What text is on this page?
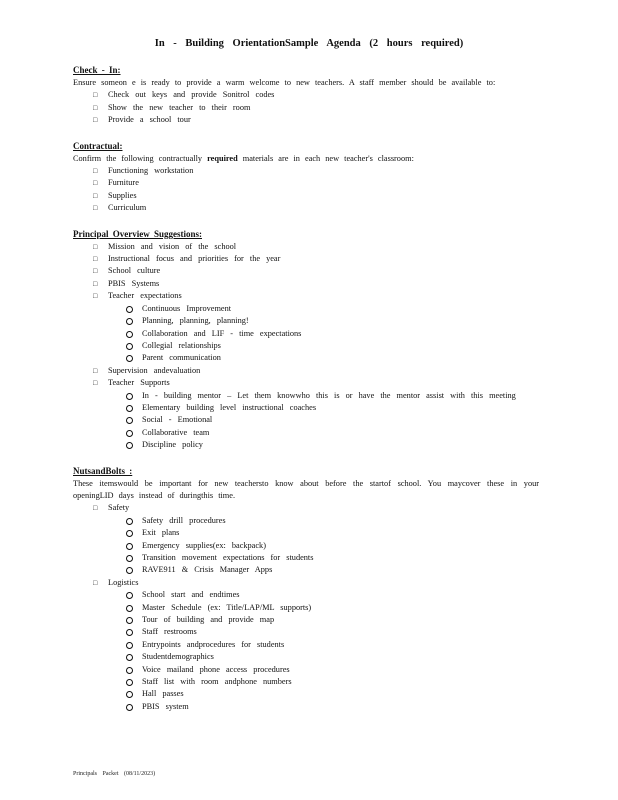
In - Building OrientationSample Agenda (2 hours required)
Check - In:
Ensure someon e is ready to provide a warm welcome to new teachers. A staff member should be available to:
□ Check out keys and provide Sonitrol codes
□ Show the new teacher to their room
□ Provide a school tour
Contractual:
Confirm the following contractually required materials are in each new teacher's classroom:
□ Functioning workstation
□ Furniture
□ Supplies
□ Curriculum
Principal Overview Suggestions:
□ Mission and vision of the school
□ Instructional focus and priorities for the year
□ School culture
□ PBIS Systems
□ Teacher expectations
Continuous Improvement
Planning, planning, planning!
Collaboration and LIF - time expectations
Collegial relationships
Parent communication
□ Supervision andevaluation
□ Teacher Supports
In - building mentor – Let them knowwho this is or have the mentor assist with this meeting
Elementary building level instructional coaches
Social - Emotional
Collaborative team
Discipline policy
NutsandBolts :
These itemswould be important for new teachersto know about before the startof school. You maycover these in your openingLID days instead of duringthis time.
□ Safety
Safety drill procedures
Exit plans
Emergency supplies(ex: backpack)
Transition movement expectations for students
RAVE911 & Crisis Manager Apps
□ Logistics
School start and endtimes
Master Schedule (ex: Title/LAP/ML supports)
Tour of building and provide map
Staff restrooms
Entrypoints andprocedures for students
Studentdemographics
Voice mailand phone access procedures
Staff list with room andphone numbers
Hall passes
PBIS system
Principals Packet (08/11/2023)
